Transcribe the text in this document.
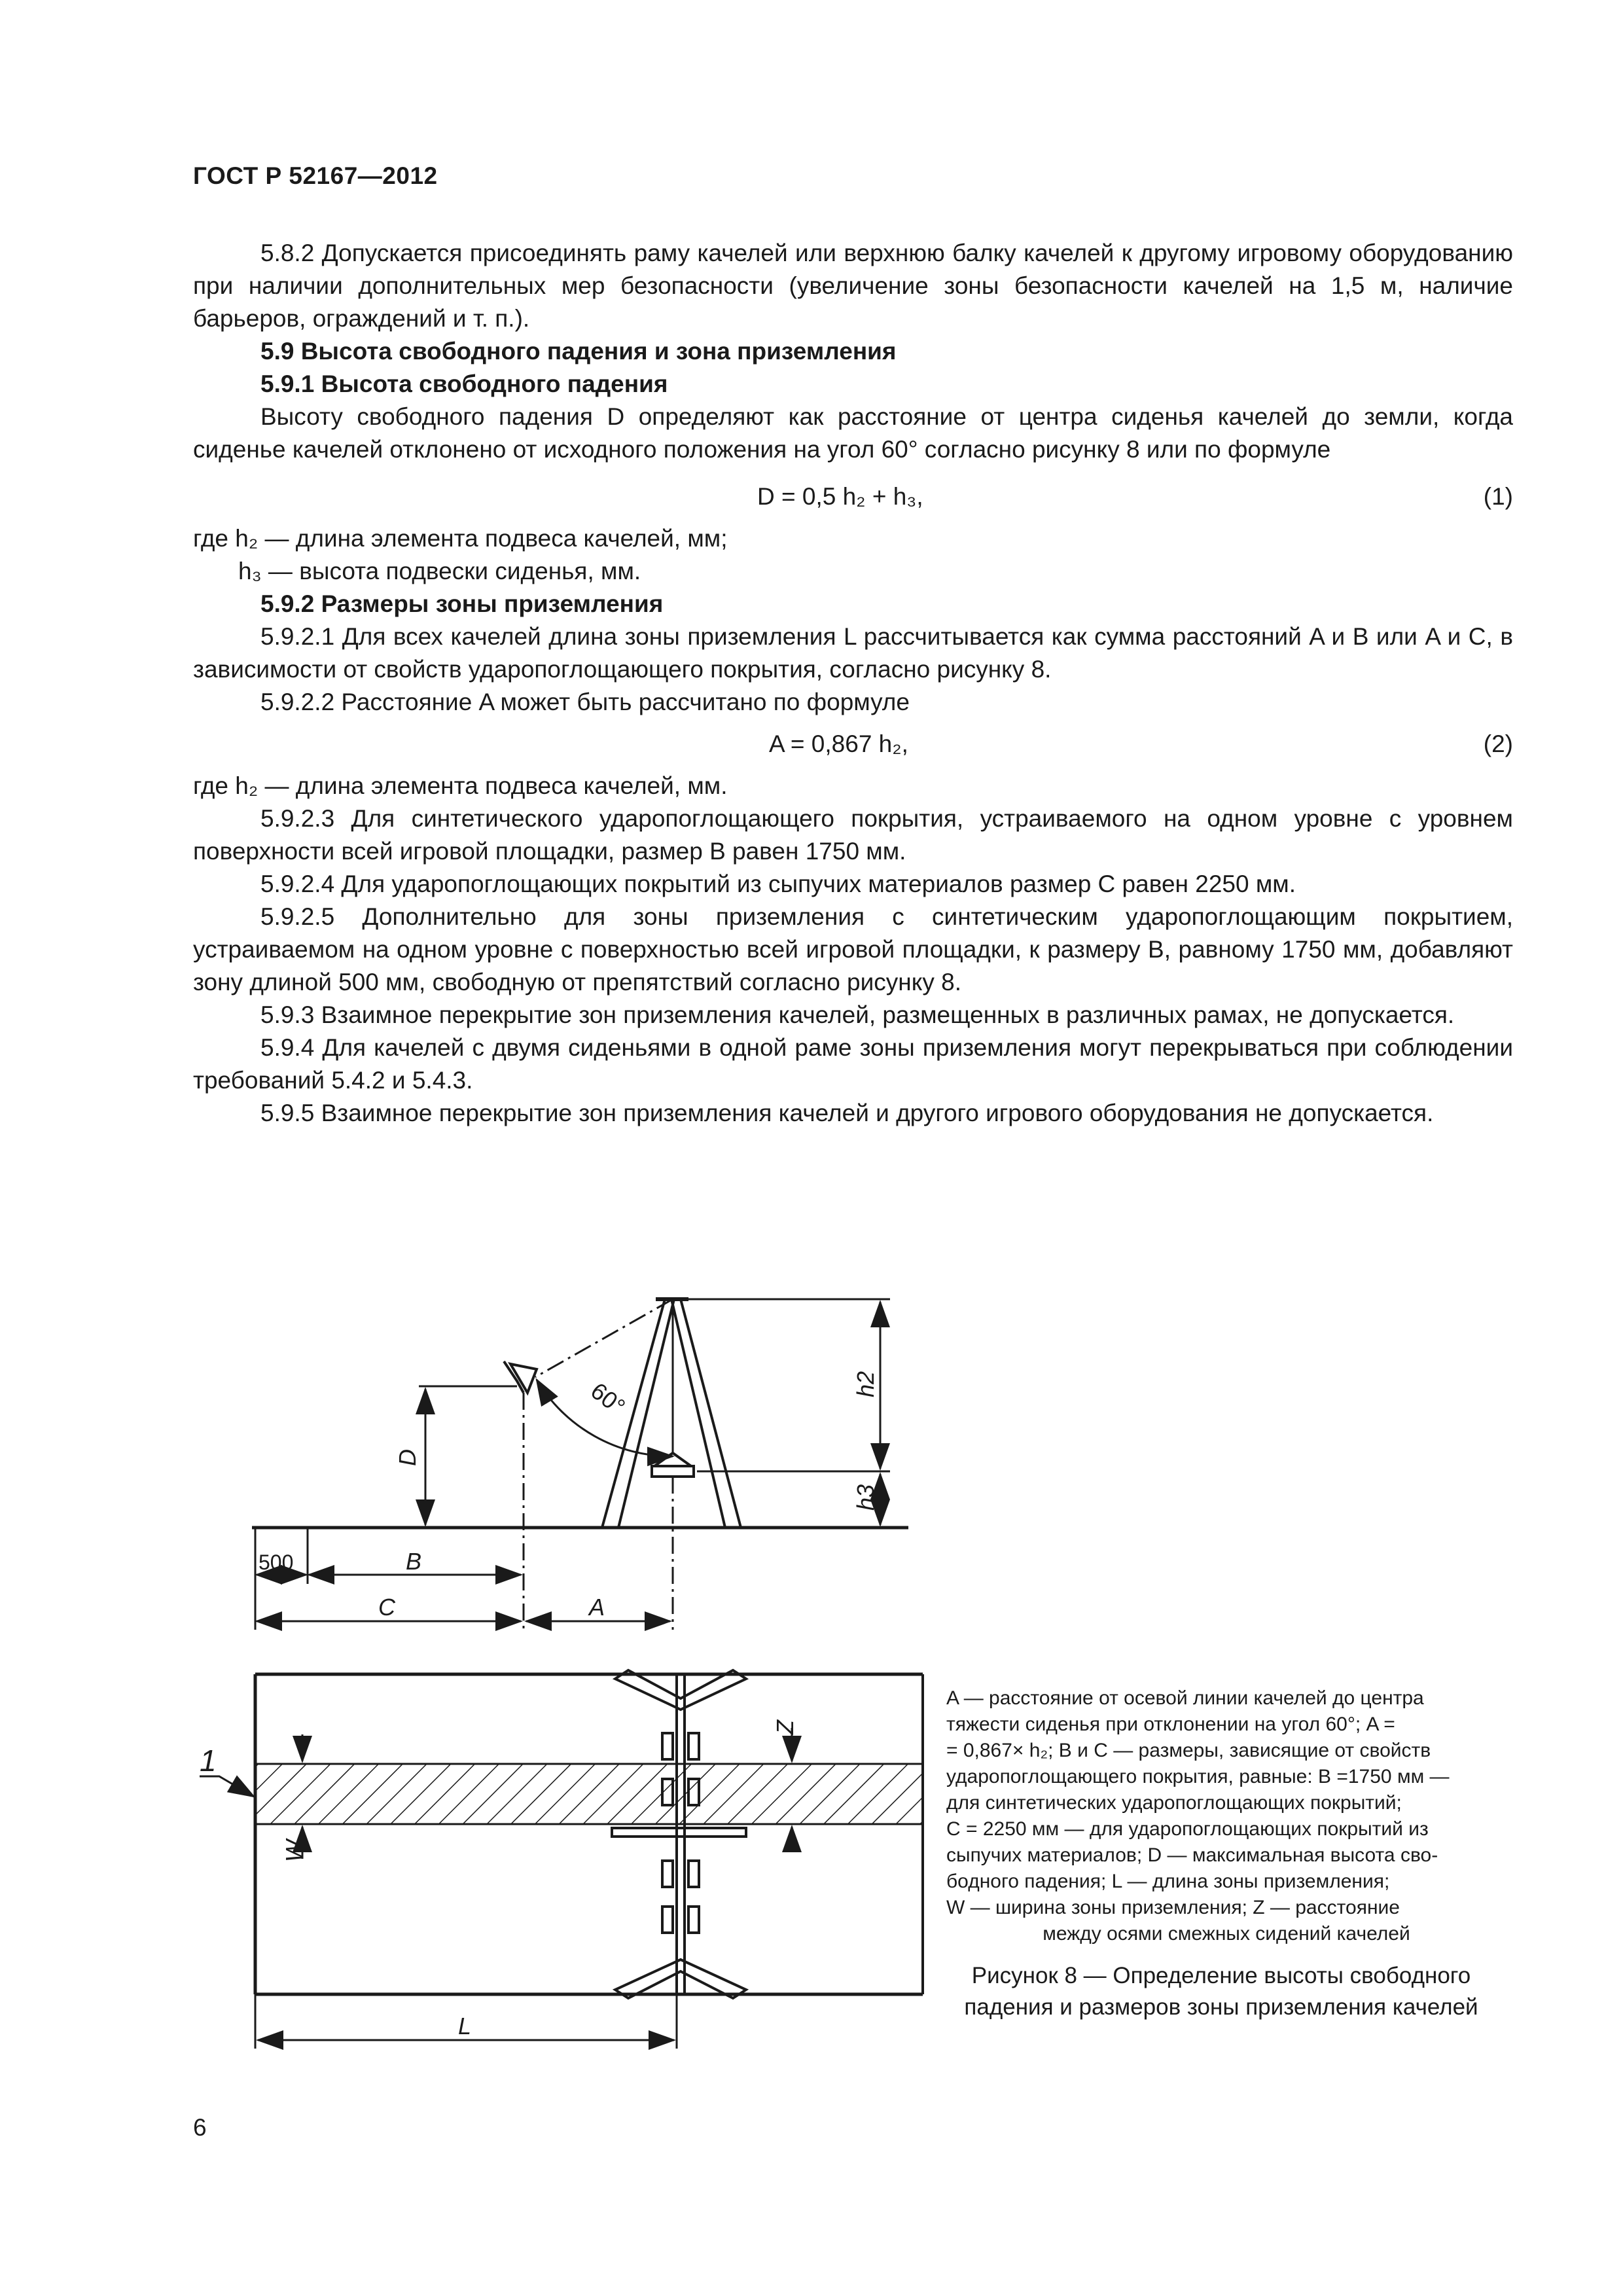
ГОСТ Р 52167—2012

5.8.2 Допускается присоединять раму качелей или верхнюю балку качелей к другому игровому оборудованию при наличии дополнительных мер безопасности (увеличение зоны безопасности качелей на 1,5 м, наличие барьеров, ограждений и т. п.).

5.9 Высота свободного падения и зона приземления

5.9.1 Высота свободного падения

Высоту свободного падения D определяют как расстояние от центра сиденья качелей до земли, когда сиденье качелей отклонено от исходного положения на угол 60° согласно рисунку 8 или по формуле

D = 0,5 h₂ + h₃,	(1)

где h₂ — длина элемента подвеса качелей, мм;

h₃ — высота подвески сиденья, мм.

5.9.2 Размеры зоны приземления

5.9.2.1 Для всех качелей длина зоны приземления L рассчитывается как сумма расстояний A и B или A и C, в зависимости от свойств ударопоглощающего покрытия, согласно рисунку 8.

5.9.2.2 Расстояние A может быть рассчитано по формуле

A = 0,867 h₂,	(2)

где h₂ — длина элемента подвеса качелей, мм.

5.9.2.3 Для синтетического ударопоглощающего покрытия, устраиваемого на одном уровне с уровнем поверхности всей игровой площадки, размер B равен 1750 мм.

5.9.2.4 Для ударопоглощающих покрытий из сыпучих материалов размер C равен 2250 мм.

5.9.2.5 Дополнительно для зоны приземления с синтетическим ударопоглощающим покрытием, устраиваемом на одном уровне с поверхностью всей игровой площадки, к размеру B, равному 1750 мм, добавляют зону длиной 500 мм, свободную от препятствий согласно рисунку 8.

5.9.3 Взаимное перекрытие зон приземления качелей, размещенных в различных рамах, не допускается.

5.9.4 Для качелей с двумя сиденьями в одной раме зоны приземления могут перекрываться при соблюдении требований 5.4.2 и 5.4.3.

5.9.5 Взаимное перекрытие зон приземления качелей и другого игрового оборудования не допускается.

60°
D
h2
h3
500	B
C	A
Z
W
L
1
A — расстояние от осевой линии качелей до центра
тяжести сиденья при отклонении на угол 60°; A =
= 0,867× h₂; B и C — размеры, зависящие от свойств
ударопоглощающего покрытия, равные: B =1750 мм —
для синтетических ударопоглощающих покрытий;
C = 2250 мм — для ударопоглощающих покрытий из
сыпучих материалов; D — максимальная высота сво-
бодного падения; L — длина зоны приземления;
W — ширина зоны приземления; Z — расстояние
между осями смежных сидений качелей
Рисунок 8 — Определение высоты свободного падения и размеров зоны приземления качелей
6
